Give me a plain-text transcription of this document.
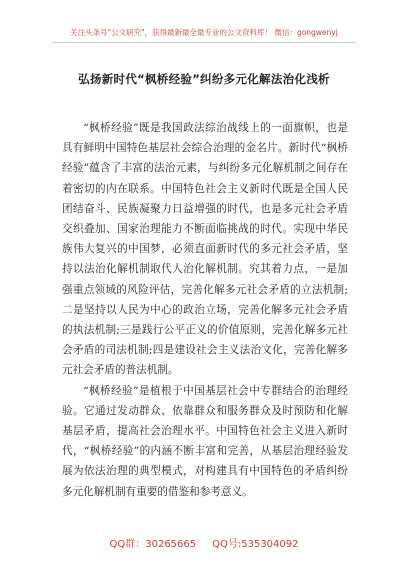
关注头条号"公文研究"，获得最新最全最专业的公文资料库！ 微信：gongwenyj
弘扬新时代“枫桥经验”纠纷多元化解法治化浅析

“枫桥经验”既是我国政法综治战线上的一面旗帜，也是具有鲜明中国特色基层社会综合治理的金名片。新时代“枫桥经验”蕴含了丰富的法治元素，与纠纷多元化解机制之间存在着密切的内在联系。中国特色社会主义新时代既是全国人民团结奋斗、民族凝聚力日益增强的时代，也是多元社会矛盾交织叠加、国家治理能力不断面临挑战的时代。实现中华民族伟大复兴的中国梦，必须直面新时代的多元社会矛盾，坚持以法治化解机制取代人治化解机制。究其着力点，一是加强重点领域的风险评估，完善化解多元社会矛盾的立法机制;二是坚持以人民为中心的政治立场，完善化解多元社会矛盾的执法机制;三是践行公平正义的价值原则，完善化解多元社会矛盾的司法机制;四是建设社会主义法治文化，完善化解多元社会矛盾的普法机制。

“枫桥经验”是植根于中国基层社会中专群结合的治理经验。它通过发动群众、依靠群众和服务群众及时预防和化解基层矛盾，提高社会治理水平。中国特色社会主义进入新时代，“枫桥经验”的内涵不断丰富和完善，从基层治理经验发展为依法治理的典型模式，对构建具有中国特色的矛盾纠纷多元化解机制有重要的借鉴和参考意义。

QQ群：30265665 QQ号:535304092
